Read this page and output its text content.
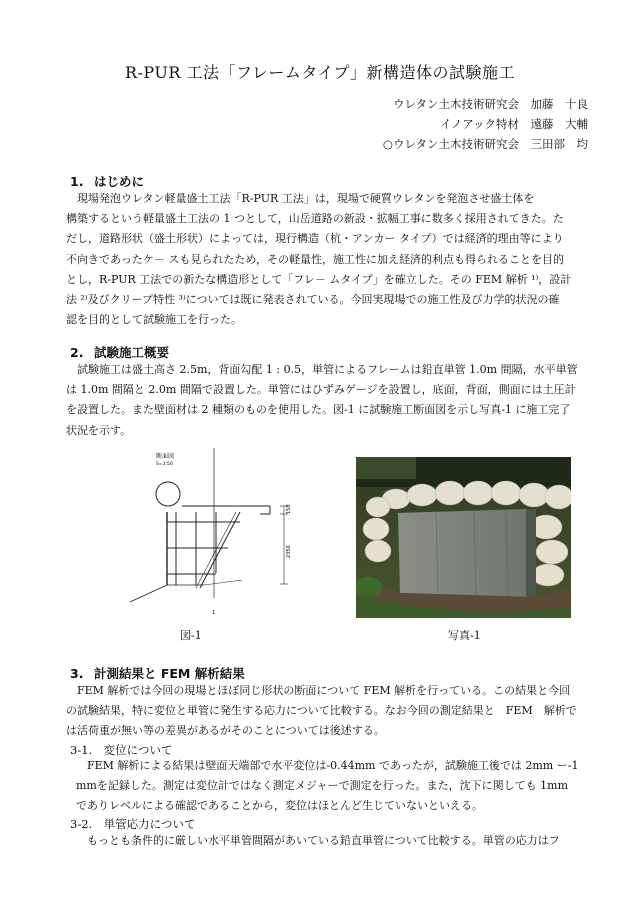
R-PUR 工法「フレームタイプ」新構造体の試験施工
ウレタン土木技術研究会　加藤　十良
イノアック特材　遠藤　大輔
○ウレタン土木技術研究会　三田部　均
1. はじめに
　現場発泡ウレタン軽量盛土工法「R-PUR 工法」は，現場で硬質ウレタンを発泡させ盛土体を
構築するという軽量盛土工法の 1 つとして，山岳道路の新設・拡幅工事に数多く採用されてきた。た
だし，道路形状（盛土形状）によっては，現行構造（杭・アンカー タイプ）では経済的理由等により
不向きであったケ－ スも見られたため，その軽量性，施工性に加え経済的利点も得られることを目的
とし，R-PUR 工法での新たな構造形として「フレ－ ムタイプ」を確立した。その FEM 解析 ¹⁾，設計
法 ²⁾及びクリープ特性 ³⁾については既に発表されている。今回実現場での施工性及び力学的状況の確
認を目的として試験施工を行った。
2. 試験施工概要
　試験施工は盛土高さ 2.5m，背面勾配 1 : 0.5，単管によるフレームは鉛直単管 1.0m 間隔，水平単管
は 1.0m 間隔と 2.0m 間隔で設置した。単管にはひずみゲージを設置し，底面，背面，側面には土圧計
を設置した。また壁面材は 2 種類のものを使用した。図-1 に試験施工断面図を示し写真-1 に施工完了
状況を示す。
断面図
S=1:50
150
2350
1
図-1	写真-1
3. 計測結果と FEM 解析結果
　FEM 解析では今回の現場とほぼ同じ形状の断面について FEM 解析を行っている。この結果と今回
の試験結果，特に変位と単管に発生する応力について比較する。なお今回の測定結果と　FEM　解析で
は活荷重が無い等の差異があるがそのことについては後述する。
3-1.　変位について
　FEM 解析による結果は壁面天端部で水平変位は-0.44mm であったが，試験施工後では 2mm ー-1
mmを記録した。測定は変位計ではなく測定メジャーで測定を行った。また，沈下に関しても 1mm
でありレベルによる確認であることから，変位はほとんど生じていないといえる。
3-2.　単管応力について
　もっとも条件的に厳しい水平単管間隔があいている鉛直単管について比較する。単管の応力はフ
